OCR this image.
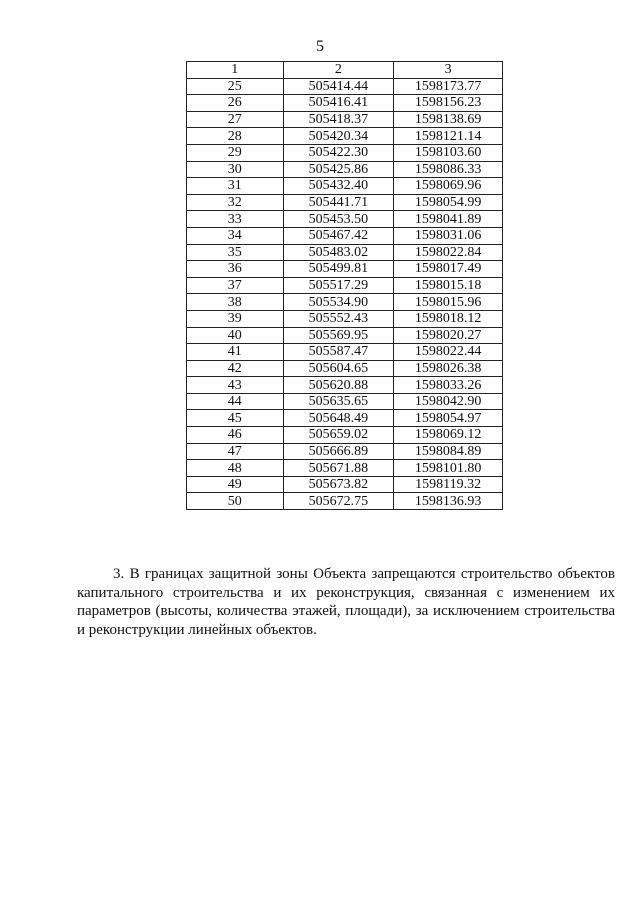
5
1	2	3
25	505414.44	1598173.77
26	505416.41	1598156.23
27	505418.37	1598138.69
28	505420.34	1598121.14
29	505422.30	1598103.60
30	505425.86	1598086.33
31	505432.40	1598069.96
32	505441.71	1598054.99
33	505453.50	1598041.89
34	505467.42	1598031.06
35	505483.02	1598022.84
36	505499.81	1598017.49
37	505517.29	1598015.18
38	505534.90	1598015.96
39	505552.43	1598018.12
40	505569.95	1598020.27
41	505587.47	1598022.44
42	505604.65	1598026.38
43	505620.88	1598033.26
44	505635.65	1598042.90
45	505648.49	1598054.97
46	505659.02	1598069.12
47	505666.89	1598084.89
48	505671.88	1598101.80
49	505673.82	1598119.32
50	505672.75	1598136.93

3. В границах защитной зоны Объекта запрещаются строительство объектов капитального строительства и их реконструкция, связанная с изменением их параметров (высоты, количества этажей, площади), за исключением строительства и реконструкции линейных объектов.
